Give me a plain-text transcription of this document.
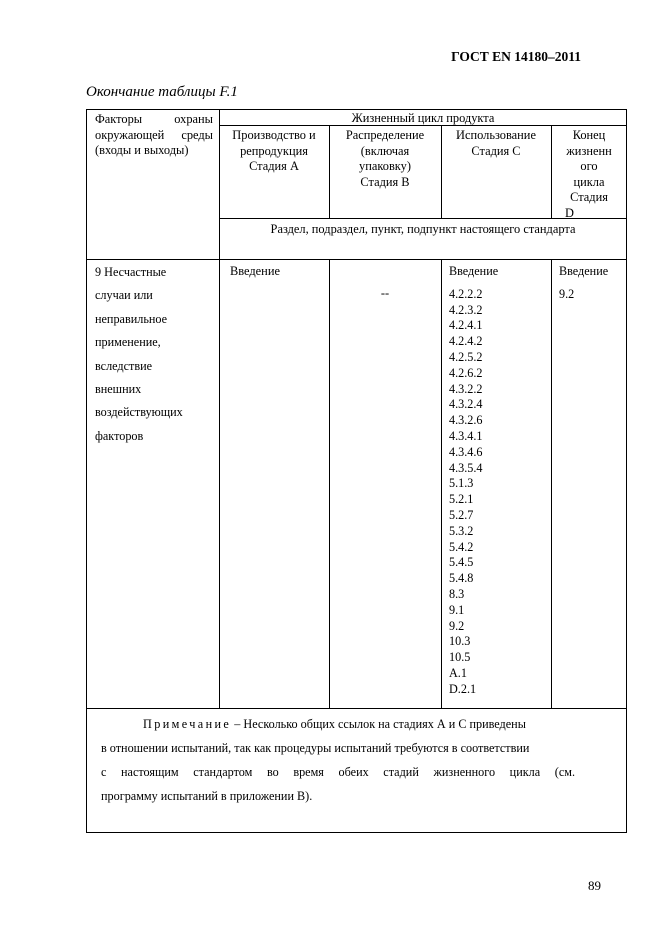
ГОСТ EN 14180–2011
Окончание таблицы F.1
Факторы охраны окружающей среды (входы и выходы)
Жизненный цикл продукта
Производство и
репродукция
Стадия А
Распределение
(включая
упаковку)
Стадия В
Использование
Стадия С
Конец
жизненн
ого
цикла
Стадия
D
Раздел, подраздел, пункт, подпункт настоящего стандарта
9 Несчастные
случаи или
неправильное
применение,
вследствие
внешних
воздействующих
факторов
Введение
--
Введение
4.2.2.2
4.2.3.2
4.2.4.1
4.2.4.2
4.2.5.2
4.2.6.2
4.3.2.2
4.3.2.4
4.3.2.6
4.3.4.1
4.3.4.6
4.3.5.4
5.1.3
5.2.1
5.2.7
5.3.2
5.4.2
5.4.5
5.4.8
8.3
9.1
9.2
10.3
10.5
A.1
D.2.1
Введение
9.2
Примечание – Несколько общих ссылок на стадиях А и С приведены
в отношении испытаний, так как процедуры испытаний требуются в соответствии
с настоящим стандартом во время обеих стадий жизненного цикла (см.
программу испытаний в приложении В).
89
